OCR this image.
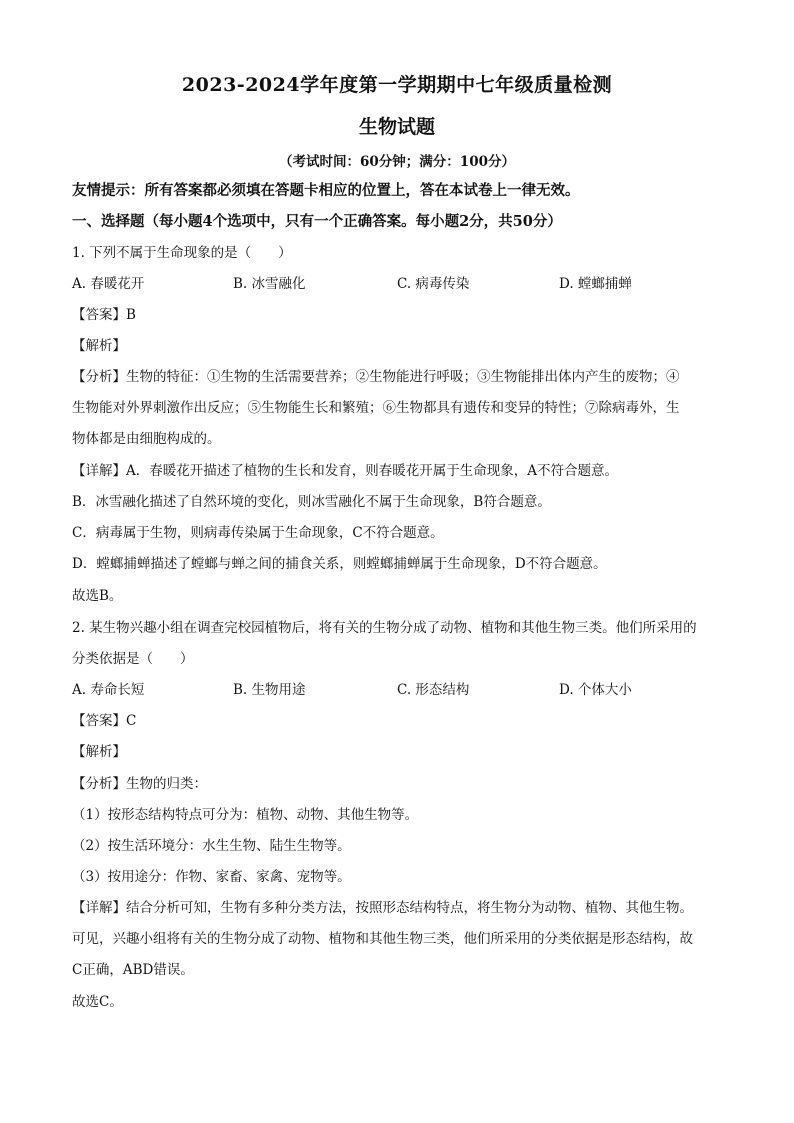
2023-2024学年度第一学期期中七年级质量检测
生物试题
（考试时间：60分钟；满分：100分）
友情提示：所有答案都必须填在答题卡相应的位置上，答在本试卷上一律无效。
一、选择题（每小题4个选项中，只有一个正确答案。每小题2分，共50分）
1. 下列不属于生命现象的是（　　）
A. 春暖花开	B. 冰雪融化	C. 病毒传染	D. 螳螂捕蝉
【答案】B
【解析】
【分析】生物的特征：①生物的生活需要营养；②生物能进行呼吸；③生物能排出体内产生的废物；④
生物能对外界刺激作出反应；⑤生物能生长和繁殖；⑥生物都具有遗传和变异的特性；⑦除病毒外，生
物体都是由细胞构成的。
【详解】A．春暖花开描述了植物的生长和发育，则春暖花开属于生命现象，A不符合题意。
B．冰雪融化描述了自然环境的变化，则冰雪融化不属于生命现象，B符合题意。
C．病毒属于生物，则病毒传染属于生命现象，C不符合题意。
D．螳螂捕蝉描述了螳螂与蝉之间的捕食关系，则螳螂捕蝉属于生命现象，D不符合题意。
故选B。
2. 某生物兴趣小组在调查完校园植物后，将有关的生物分成了动物、植物和其他生物三类。他们所采用的
分类依据是（　　）
A. 寿命长短	B. 生物用途	C. 形态结构	D. 个体大小
【答案】C
【解析】
【分析】生物的归类：
（1）按形态结构特点可分为：植物、动物、其他生物等。
（2）按生活环境分：水生生物、陆生生物等。
（3）按用途分：作物、家畜、家禽、宠物等。
【详解】结合分析可知，生物有多种分类方法，按照形态结构特点，将生物分为动物、植物、其他生物。
可见，兴趣小组将有关的生物分成了动物、植物和其他生物三类，他们所采用的分类依据是形态结构，故
C正确，ABD错误。
故选C。
